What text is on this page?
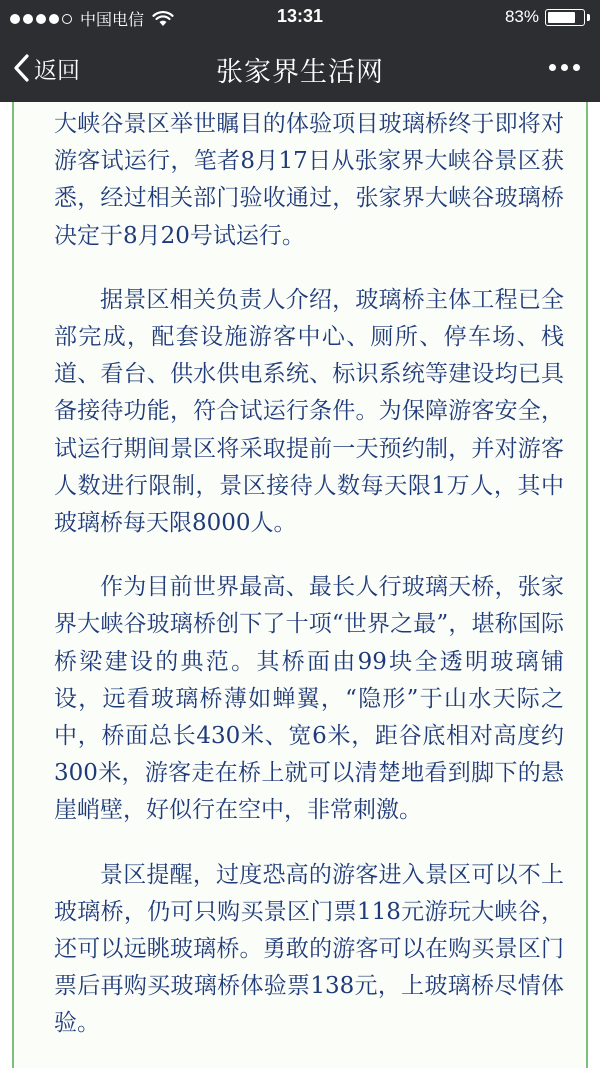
中国电信	13:31	83%
返回	张家界生活网

大峡谷景区举世瞩目的体验项目玻璃桥终于即将对游客试运行，笔者8月17日从张家界大峡谷景区获悉，经过相关部门验收通过，张家界大峡谷玻璃桥决定于8月20号试运行。

据景区相关负责人介绍，玻璃桥主体工程已全部完成，配套设施游客中心、厕所、停车场、栈道、看台、供水供电系统、标识系统等建设均已具备接待功能，符合试运行条件。为保障游客安全，试运行期间景区将采取提前一天预约制，并对游客人数进行限制，景区接待人数每天限1万人，其中玻璃桥每天限8000人。

作为目前世界最高、最长人行玻璃天桥，张家界大峡谷玻璃桥创下了十项“世界之最”，堪称国际桥梁建设的典范。其桥面由99块全透明玻璃铺设，远看玻璃桥薄如蝉翼，“隐形”于山水天际之中，桥面总长430米、宽6米，距谷底相对高度约300米，游客走在桥上就可以清楚地看到脚下的悬崖峭壁，好似行在空中，非常刺激。

景区提醒，过度恐高的游客进入景区可以不上玻璃桥，仍可只购买景区门票118元游玩大峡谷，还可以远眺玻璃桥。勇敢的游客可以在购买景区门票后再购买玻璃桥体验票138元，上玻璃桥尽情体验。
